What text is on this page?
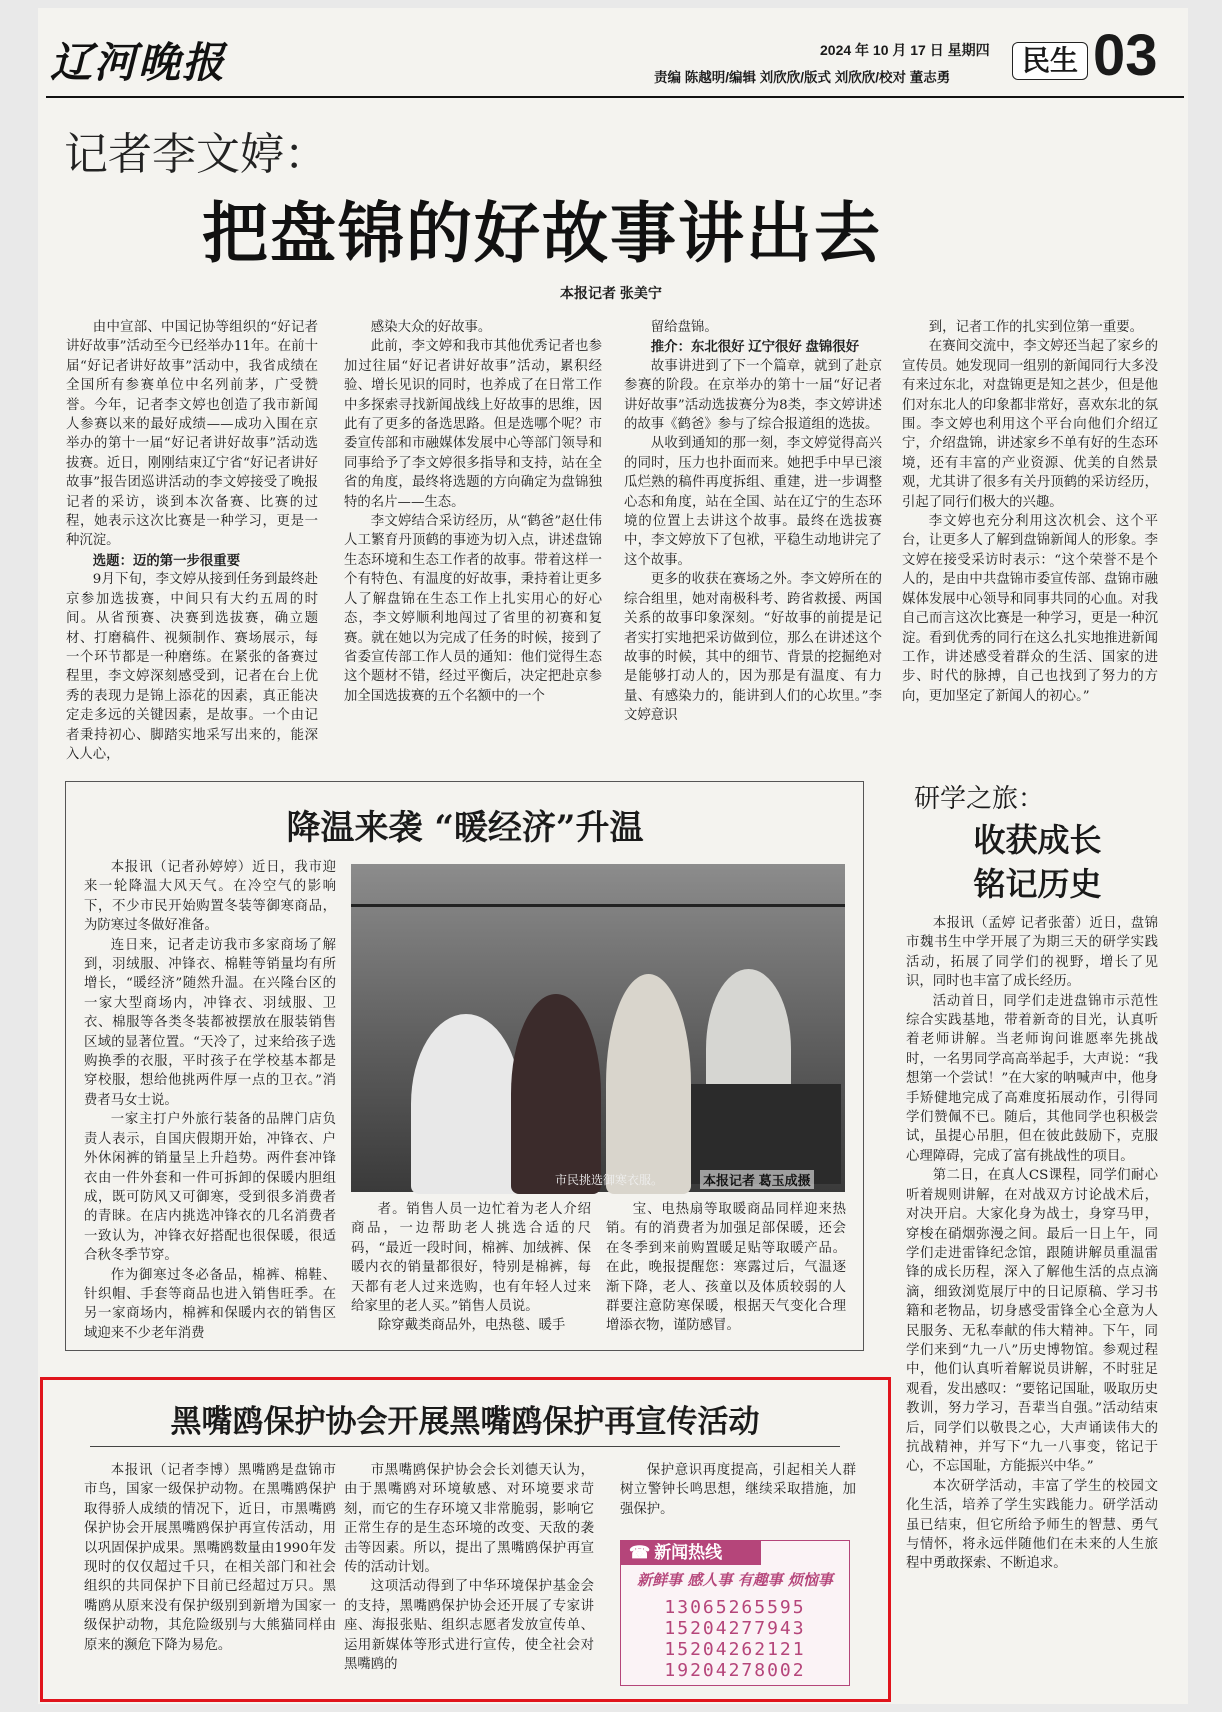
辽河晚报	2024 年 10 月 17 日 星期四
责编 陈越明/编辑 刘欣欣/版式 刘欣欣/校对 董志勇
民生 03
记者李文婷：
把盘锦的好故事讲出去
本报记者 张美宁

由中宣部、中国记协等组织的“好记者讲好故事”活动至今已经举办11年。在前十届“好记者讲好故事”活动中，我省成绩在全国所有参赛单位中名列前茅，广受赞誉。今年，记者李文婷也创造了我市新闻人参赛以来的最好成绩——成功入围在京举办的第十一届“好记者讲好故事”活动选拔赛。近日，刚刚结束辽宁省“好记者讲好故事”报告团巡讲活动的李文婷接受了晚报记者的采访，谈到本次备赛、比赛的过程，她表示这次比赛是一种学习，更是一种沉淀。

选题：迈的第一步很重要

9月下旬，李文婷从接到任务到最终赴京参加选拔赛，中间只有大约五周的时间。从省预赛、决赛到选拔赛，确立题材、打磨稿件、视频制作、赛场展示，每一个环节都是一种磨练。在紧张的备赛过程里，李文婷深刻感受到，记者在台上优秀的表现力是锦上添花的因素，真正能决定走多远的关键因素，是故事。一个由记者秉持初心、脚踏实地采写出来的，能深入人心，

感染大众的好故事。

此前，李文婷和我市其他优秀记者也参加过往届“好记者讲好故事”活动，累积经验、增长见识的同时，也养成了在日常工作中多探索寻找新闻战线上好故事的思维，因此有了更多的备选思路。但是选哪个呢？市委宣传部和市融媒体发展中心等部门领导和同事给予了李文婷很多指导和支持，站在全省的角度，最终将选题的方向确定为盘锦独特的名片——生态。

李文婷结合采访经历，从“鹤爸”赵仕伟人工繁育丹顶鹤的事迹为切入点，讲述盘锦生态环境和生态工作者的故事。带着这样一个有特色、有温度的好故事，秉持着让更多人了解盘锦在生态工作上扎实用心的好心态，李文婷顺利地闯过了省里的初赛和复赛。就在她以为完成了任务的时候，接到了省委宣传部工作人员的通知：他们觉得生态这个题材不错，经过平衡后，决定把赴京参加全国选拔赛的五个名额中的一个

留给盘锦。

推介：东北很好 辽宁很好 盘锦很好

故事讲进到了下一个篇章，就到了赴京参赛的阶段。在京举办的第十一届“好记者讲好故事”活动选拔赛分为8类，李文婷讲述的故事《鹤爸》参与了综合报道组的选拔。

从收到通知的那一刻，李文婷觉得高兴的同时，压力也扑面而来。她把手中早已滚瓜烂熟的稿件再度拆组、重建，进一步调整心态和角度，站在全国、站在辽宁的生态环境的位置上去讲这个故事。最终在选拔赛中，李文婷放下了包袱，平稳生动地讲完了这个故事。

更多的收获在赛场之外。李文婷所在的综合组里，她对南极科考、跨省救援、两国关系的故事印象深刻。“好故事的前提是记者实打实地把采访做到位，那么在讲述这个故事的时候，其中的细节、背景的挖掘绝对是能够打动人的，因为那是有温度、有力量、有感染力的，能讲到人们的心坎里。”李文婷意识

到，记者工作的扎实到位第一重要。

在赛间交流中，李文婷还当起了家乡的宣传员。她发现同一组别的新闻同行大多没有来过东北，对盘锦更是知之甚少，但是他们对东北人的印象都非常好，喜欢东北的氛围。李文婷也利用这个平台向他们介绍辽宁，介绍盘锦，讲述家乡不单有好的生态环境，还有丰富的产业资源、优美的自然景观，尤其讲了很多有关丹顶鹤的采访经历，引起了同行们极大的兴趣。

李文婷也充分利用这次机会、这个平台，让更多人了解到盘锦新闻人的形象。李文婷在接受采访时表示：“这个荣誉不是个人的，是由中共盘锦市委宣传部、盘锦市融媒体发展中心领导和同事共同的心血。对我自己而言这次比赛是一种学习，更是一种沉淀。看到优秀的同行在这么扎实地推进新闻工作，讲述感受着群众的生活、国家的进步、时代的脉搏，自己也找到了努力的方向，更加坚定了新闻人的初心。”

降温来袭 “暖经济”升温

本报讯（记者孙婷婷）近日，我市迎来一轮降温大风天气。在冷空气的影响下，不少市民开始购置冬装等御寒商品，为防寒过冬做好准备。

连日来，记者走访我市多家商场了解到，羽绒服、冲锋衣、棉鞋等销量均有所增长，“暖经济”随然升温。在兴隆台区的一家大型商场内，冲锋衣、羽绒服、卫衣、棉服等各类冬装都被摆放在服装销售区域的显著位置。“天冷了，过来给孩子选购换季的衣服，平时孩子在学校基本都是穿校服，想给他挑两件厚一点的卫衣。”消费者马女士说。

一家主打户外旅行装备的品牌门店负责人表示，自国庆假期开始，冲锋衣、户外休闲裤的销量呈上升趋势。两件套冲锋衣由一件外套和一件可拆卸的保暖内胆组成，既可防风又可御寒，受到很多消费者的青睐。在店内挑选冲锋衣的几名消费者一致认为，冲锋衣好搭配也很保暖，很适合秋冬季节穿。

作为御寒过冬必备品，棉裤、棉鞋、针织帽、手套等商品也进入销售旺季。在另一家商场内，棉裤和保暖内衣的销售区域迎来不少老年消费

市民挑选御寒衣服。	本报记者 葛玉成摄

者。销售人员一边忙着为老人介绍商品，一边帮助老人挑选合适的尺码，“最近一段时间，棉裤、加绒裤、保暖内衣的销量都很好，特别是棉裤，每天都有老人过来选购，也有年轻人过来给家里的老人买。”销售人员说。

除穿戴类商品外，电热毯、暖手

宝、电热扇等取暖商品同样迎来热销。有的消费者为加强足部保暖，还会在冬季到来前购置暖足贴等取暖产品。在此，晚报提醒您：寒露过后，气温逐渐下降，老人、孩童以及体质较弱的人群要注意防寒保暖，根据天气变化合理增添衣物，谨防感冒。

研学之旅：
收获成长
铭记历史

本报讯（孟婷 记者张蕾）近日，盘锦市魏书生中学开展了为期三天的研学实践活动，拓展了同学们的视野，增长了见识，同时也丰富了成长经历。

活动首日，同学们走进盘锦市示范性综合实践基地，带着新奇的目光，认真听着老师讲解。当老师询问谁愿率先挑战时，一名男同学高高举起手，大声说：“我想第一个尝试！”在大家的呐喊声中，他身手矫健地完成了高难度拓展动作，引得同学们赞佩不已。随后，其他同学也积极尝试，虽提心吊胆，但在彼此鼓励下，克服心理障碍，完成了富有挑战性的项目。

第二日，在真人CS课程，同学们耐心听着规则讲解，在对战双方讨论战术后，对决开启。大家化身为战士，身穿马甲，穿梭在硝烟弥漫之间。最后一日上午，同学们走进雷锋纪念馆，跟随讲解员重温雷锋的成长历程，深入了解他生活的点点滴滴，细致浏览展厅中的日记原稿、学习书籍和老物品，切身感受雷锋全心全意为人民服务、无私奉献的伟大精神。下午，同学们来到“九一八”历史博物馆。参观过程中，他们认真听着解说员讲解，不时驻足观看，发出感叹：“要铭记国耻，吸取历史教训，努力学习，吾辈当自强。”活动结束后，同学们以敬畏之心，大声诵读伟大的抗战精神，并写下“九一八事变，铭记于心，不忘国耻，方能振兴中华。”

本次研学活动，丰富了学生的校园文化生活，培养了学生实践能力。研学活动虽已结束，但它所给予师生的智慧、勇气与情怀，将永远伴随他们在未来的人生旅程中勇敢探索、不断追求。

黑嘴鸥保护协会开展黑嘴鸥保护再宣传活动

本报讯（记者李博）黑嘴鸥是盘锦市市鸟，国家一级保护动物。在黑嘴鸥保护取得骄人成绩的情况下，近日，市黑嘴鸥保护协会开展黑嘴鸥保护再宣传活动，用以巩固保护成果。黑嘴鸥数量由1990年发现时的仅仅超过千只，在相关部门和社会组织的共同保护下目前已经超过万只。黑嘴鸥从原来没有保护级别到新增为国家一级保护动物，其危险级别与大熊猫同样由原来的濒危下降为易危。

市黑嘴鸥保护协会会长刘德天认为，由于黑嘴鸥对环境敏感、对环境要求苛刻，而它的生存环境又非常脆弱，影响它正常生存的是生态环境的改变、天敌的袭击等因素。所以，提出了黑嘴鸥保护再宣传的活动计划。

这项活动得到了中华环境保护基金会的支持，黑嘴鸥保护协会还开展了专家讲座、海报张贴、组织志愿者发放宣传单、运用新媒体等形式进行宣传，使全社会对黑嘴鸥的

保护意识再度提高，引起相关人群树立警钟长鸣思想，继续采取措施，加强保护。

☎ 新闻热线
新鲜事 感人事 有趣事 烦恼事
13065265595
15204277943
15204262121
19204278002
